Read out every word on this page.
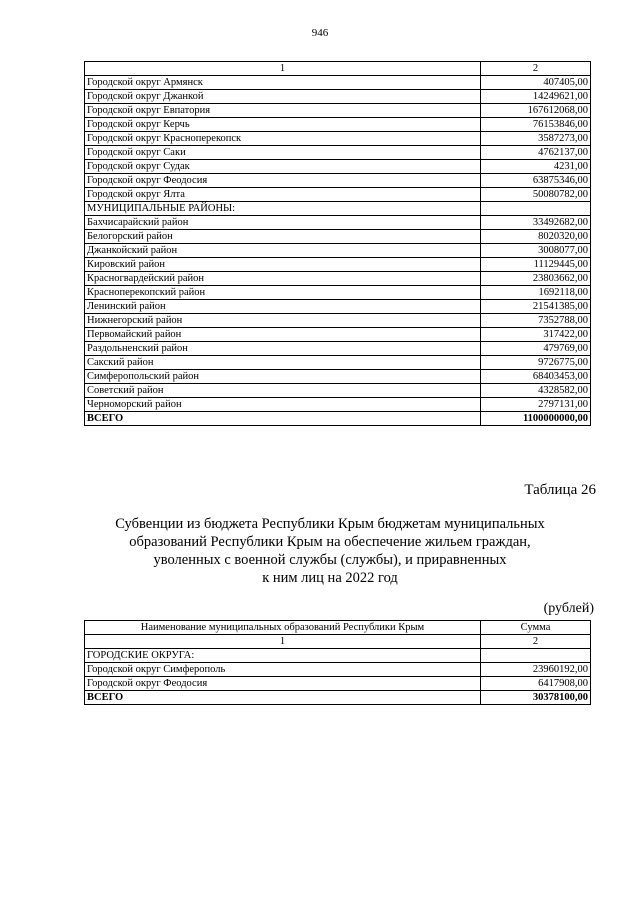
946
1	2
Городской округ Армянск	407405,00
Городской округ Джанкой	14249621,00
Городской округ Евпатория	167612068,00
Городской округ Керчь	76153846,00
Городской округ Красноперекопск	3587273,00
Городской округ Саки	4762137,00
Городской округ Судак	4231,00
Городской округ Феодосия	63875346,00
Городской округ Ялта	50080782,00
МУНИЦИПАЛЬНЫЕ РАЙОНЫ:	
Бахчисарайский район	33492682,00
Белогорский район	8020320,00
Джанкойский район	3008077,00
Кировский район	11129445,00
Красногвардейский район	23803662,00
Красноперекопский район	1692118,00
Ленинский район	21541385,00
Нижнегорский район	7352788,00
Первомайский район	317422,00
Раздольненский район	479769,00
Сакский район	9726775,00
Симферопольский район	68403453,00
Советский район	4328582,00
Черноморский район	2797131,00
ВСЕГО	1100000000,00
Таблица 26
Субвенции из бюджета Республики Крым бюджетам муниципальных
образований Республики Крым на обеспечение жильем граждан,
уволенных с военной службы (службы), и приравненных
к ним лиц на 2022 год
(рублей)
Наименование муниципальных образований Республики Крым	Сумма
1	2
ГОРОДСКИЕ ОКРУГА:	
Городской округ Симферополь	23960192,00
Городской округ Феодосия	6417908,00
ВСЕГО	30378100,00
